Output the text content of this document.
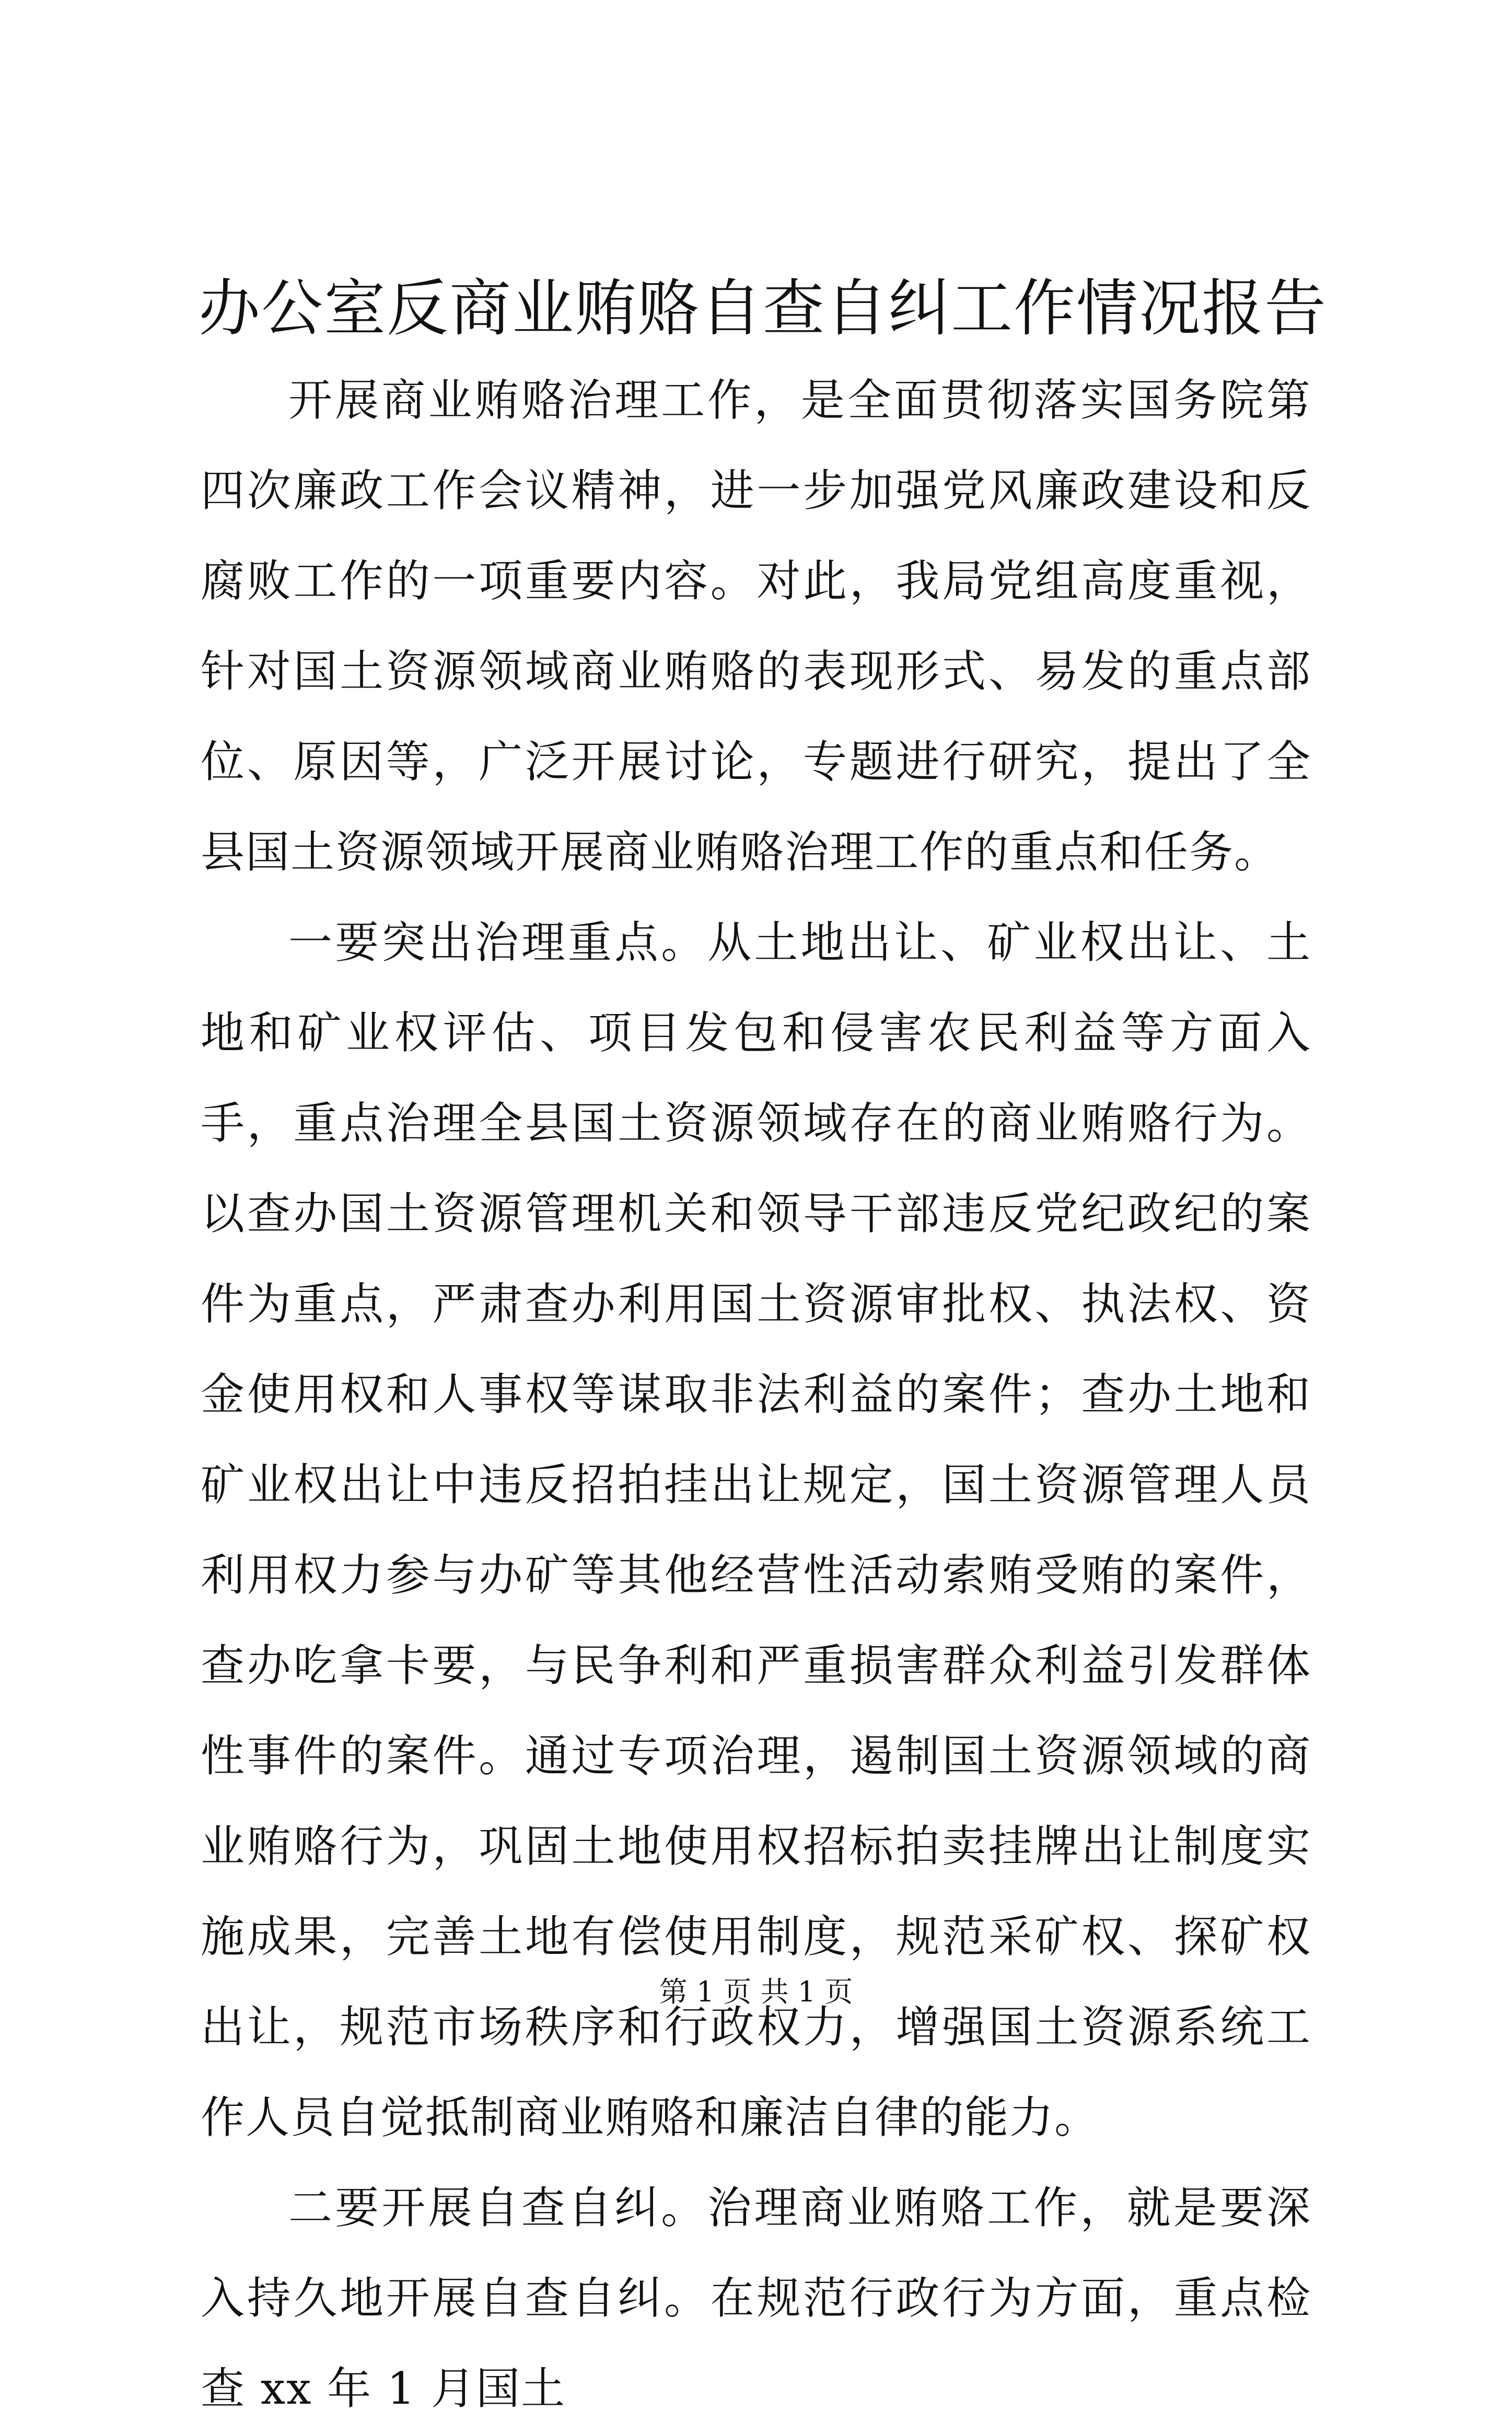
办公室反商业贿赂自查自纠工作情况报告

开展商业贿赂治理工作，是全面贯彻落实国务院第四次廉政工作会议精神，进一步加强党风廉政建设和反腐败工作的一项重要内容。对此，我局党组高度重视，针对国土资源领域商业贿赂的表现形式、易发的重点部位、原因等，广泛开展讨论，专题进行研究，提出了全县国土资源领域开展商业贿赂治理工作的重点和任务。

一要突出治理重点。从土地出让、矿业权出让、土地和矿业权评估、项目发包和侵害农民利益等方面入手，重点治理全县国土资源领域存在的商业贿赂行为。以查办国土资源管理机关和领导干部违反党纪政纪的案件为重点，严肃查办利用国土资源审批权、执法权、资金使用权和人事权等谋取非法利益的案件；查办土地和矿业权出让中违反招拍挂出让规定，国土资源管理人员利用权力参与办矿等其他经营性活动索贿受贿的案件，查办吃拿卡要，与民争利和严重损害群众利益引发群体性事件的案件。通过专项治理，遏制国土资源领域的商业贿赂行为，巩固土地使用权招标拍卖挂牌出让制度实施成果，完善土地有偿使用制度，规范采矿权、探矿权出让，规范市场秩序和行政权力，增强国土资源系统工作人员自觉抵制商业贿赂和廉洁自律的能力。

二要开展自查自纠。治理商业贿赂工作，就是要深入持久地开展自查自纠。在规范行政行为方面，重点检查 xx 年 1 月国土

第 1 页 共 1 页
